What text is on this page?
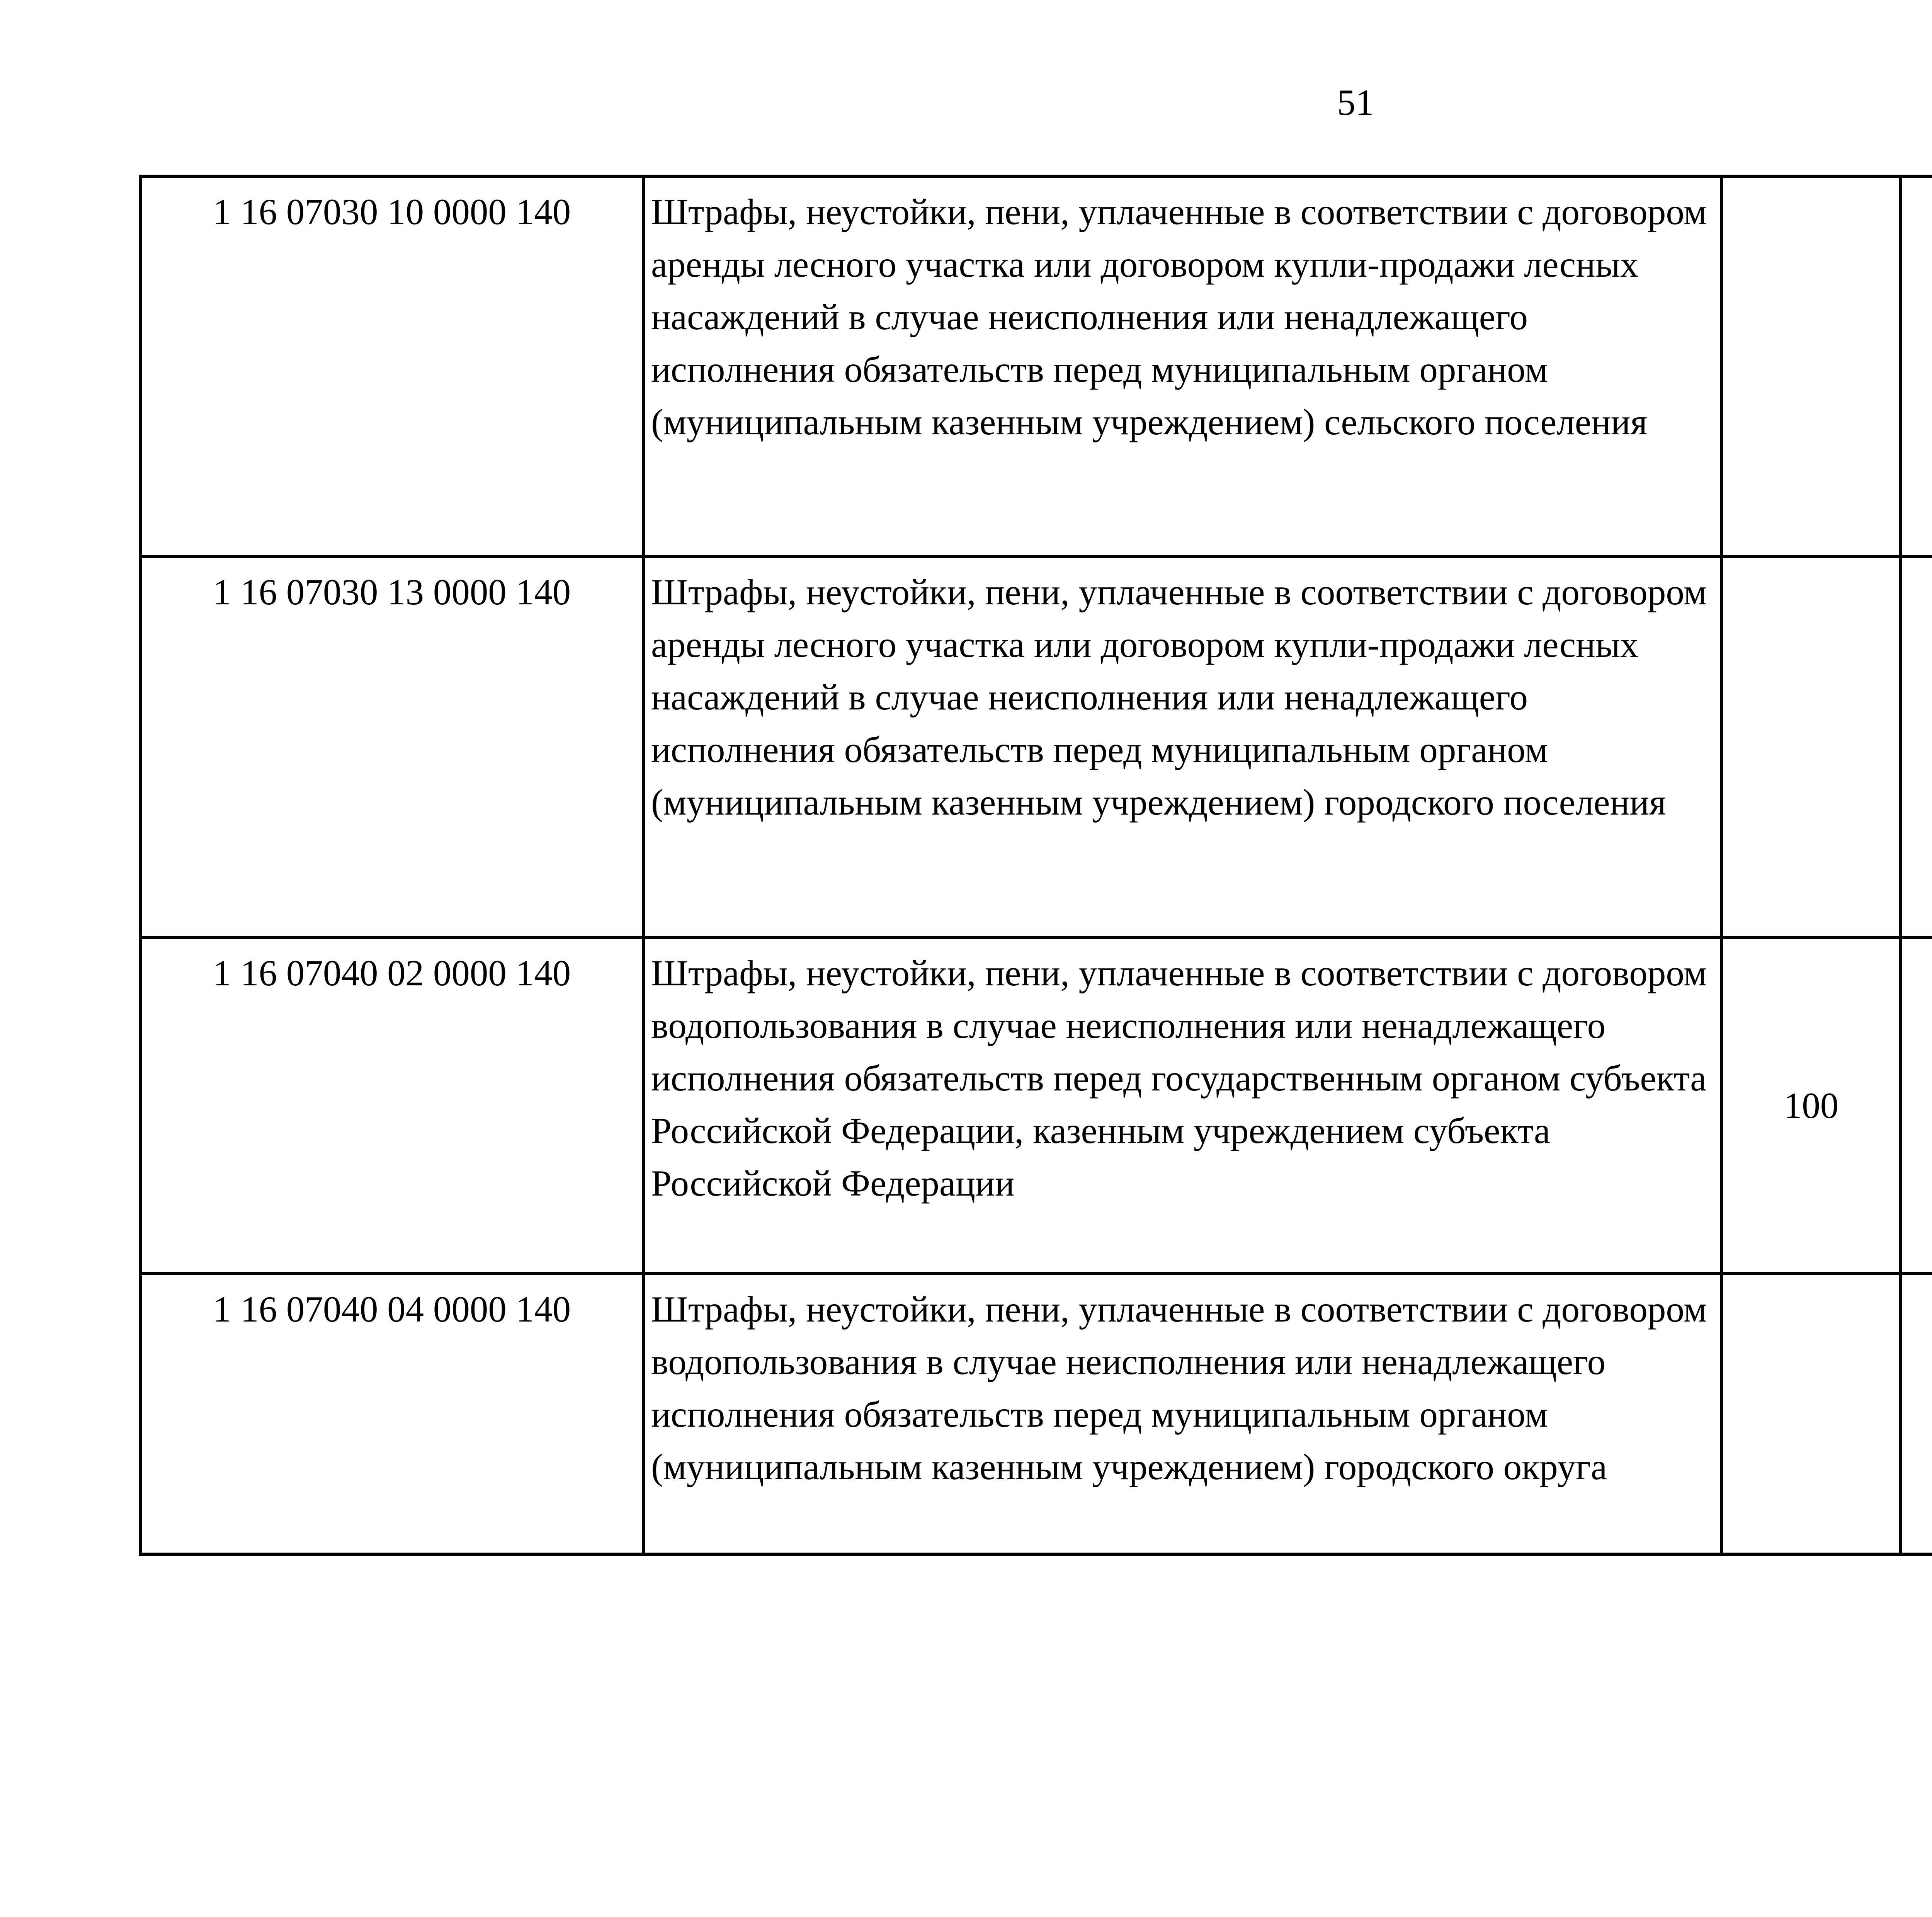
51
1 16 07030 10 0000 140	Штрафы, неустойки, пени, уплаченные в соответствии с договором аренды лесного участка или договором купли-продажи лесных насаждений в случае неисполнения или ненадлежащего исполнения обязательств перед муниципальным органом (муниципальным казенным учреждением) сельского поселения					
1 16 07030 13 0000 140	Штрафы, неустойки, пени, уплаченные в соответствии с договором аренды лесного участка или договором купли-продажи лесных насаждений в случае неисполнения или ненадлежащего исполнения обязательств перед муниципальным органом (муниципальным казенным учреждением) городского поселения					
1 16 07040 02 0000 140	Штрафы, неустойки, пени, уплаченные в соответствии с договором водопользования в случае неисполнения или ненадлежащего исполнения обязательств перед государственным органом субъекта Российской Федерации, казенным учреждением субъекта Российской Федерации	100				
1 16 07040 04 0000 140	Штрафы, неустойки, пени, уплаченные в соответствии с договором водопользования в случае неисполнения или ненадлежащего исполнения обязательств перед муниципальным органом (муниципальным казенным учреждением) городского округа					
